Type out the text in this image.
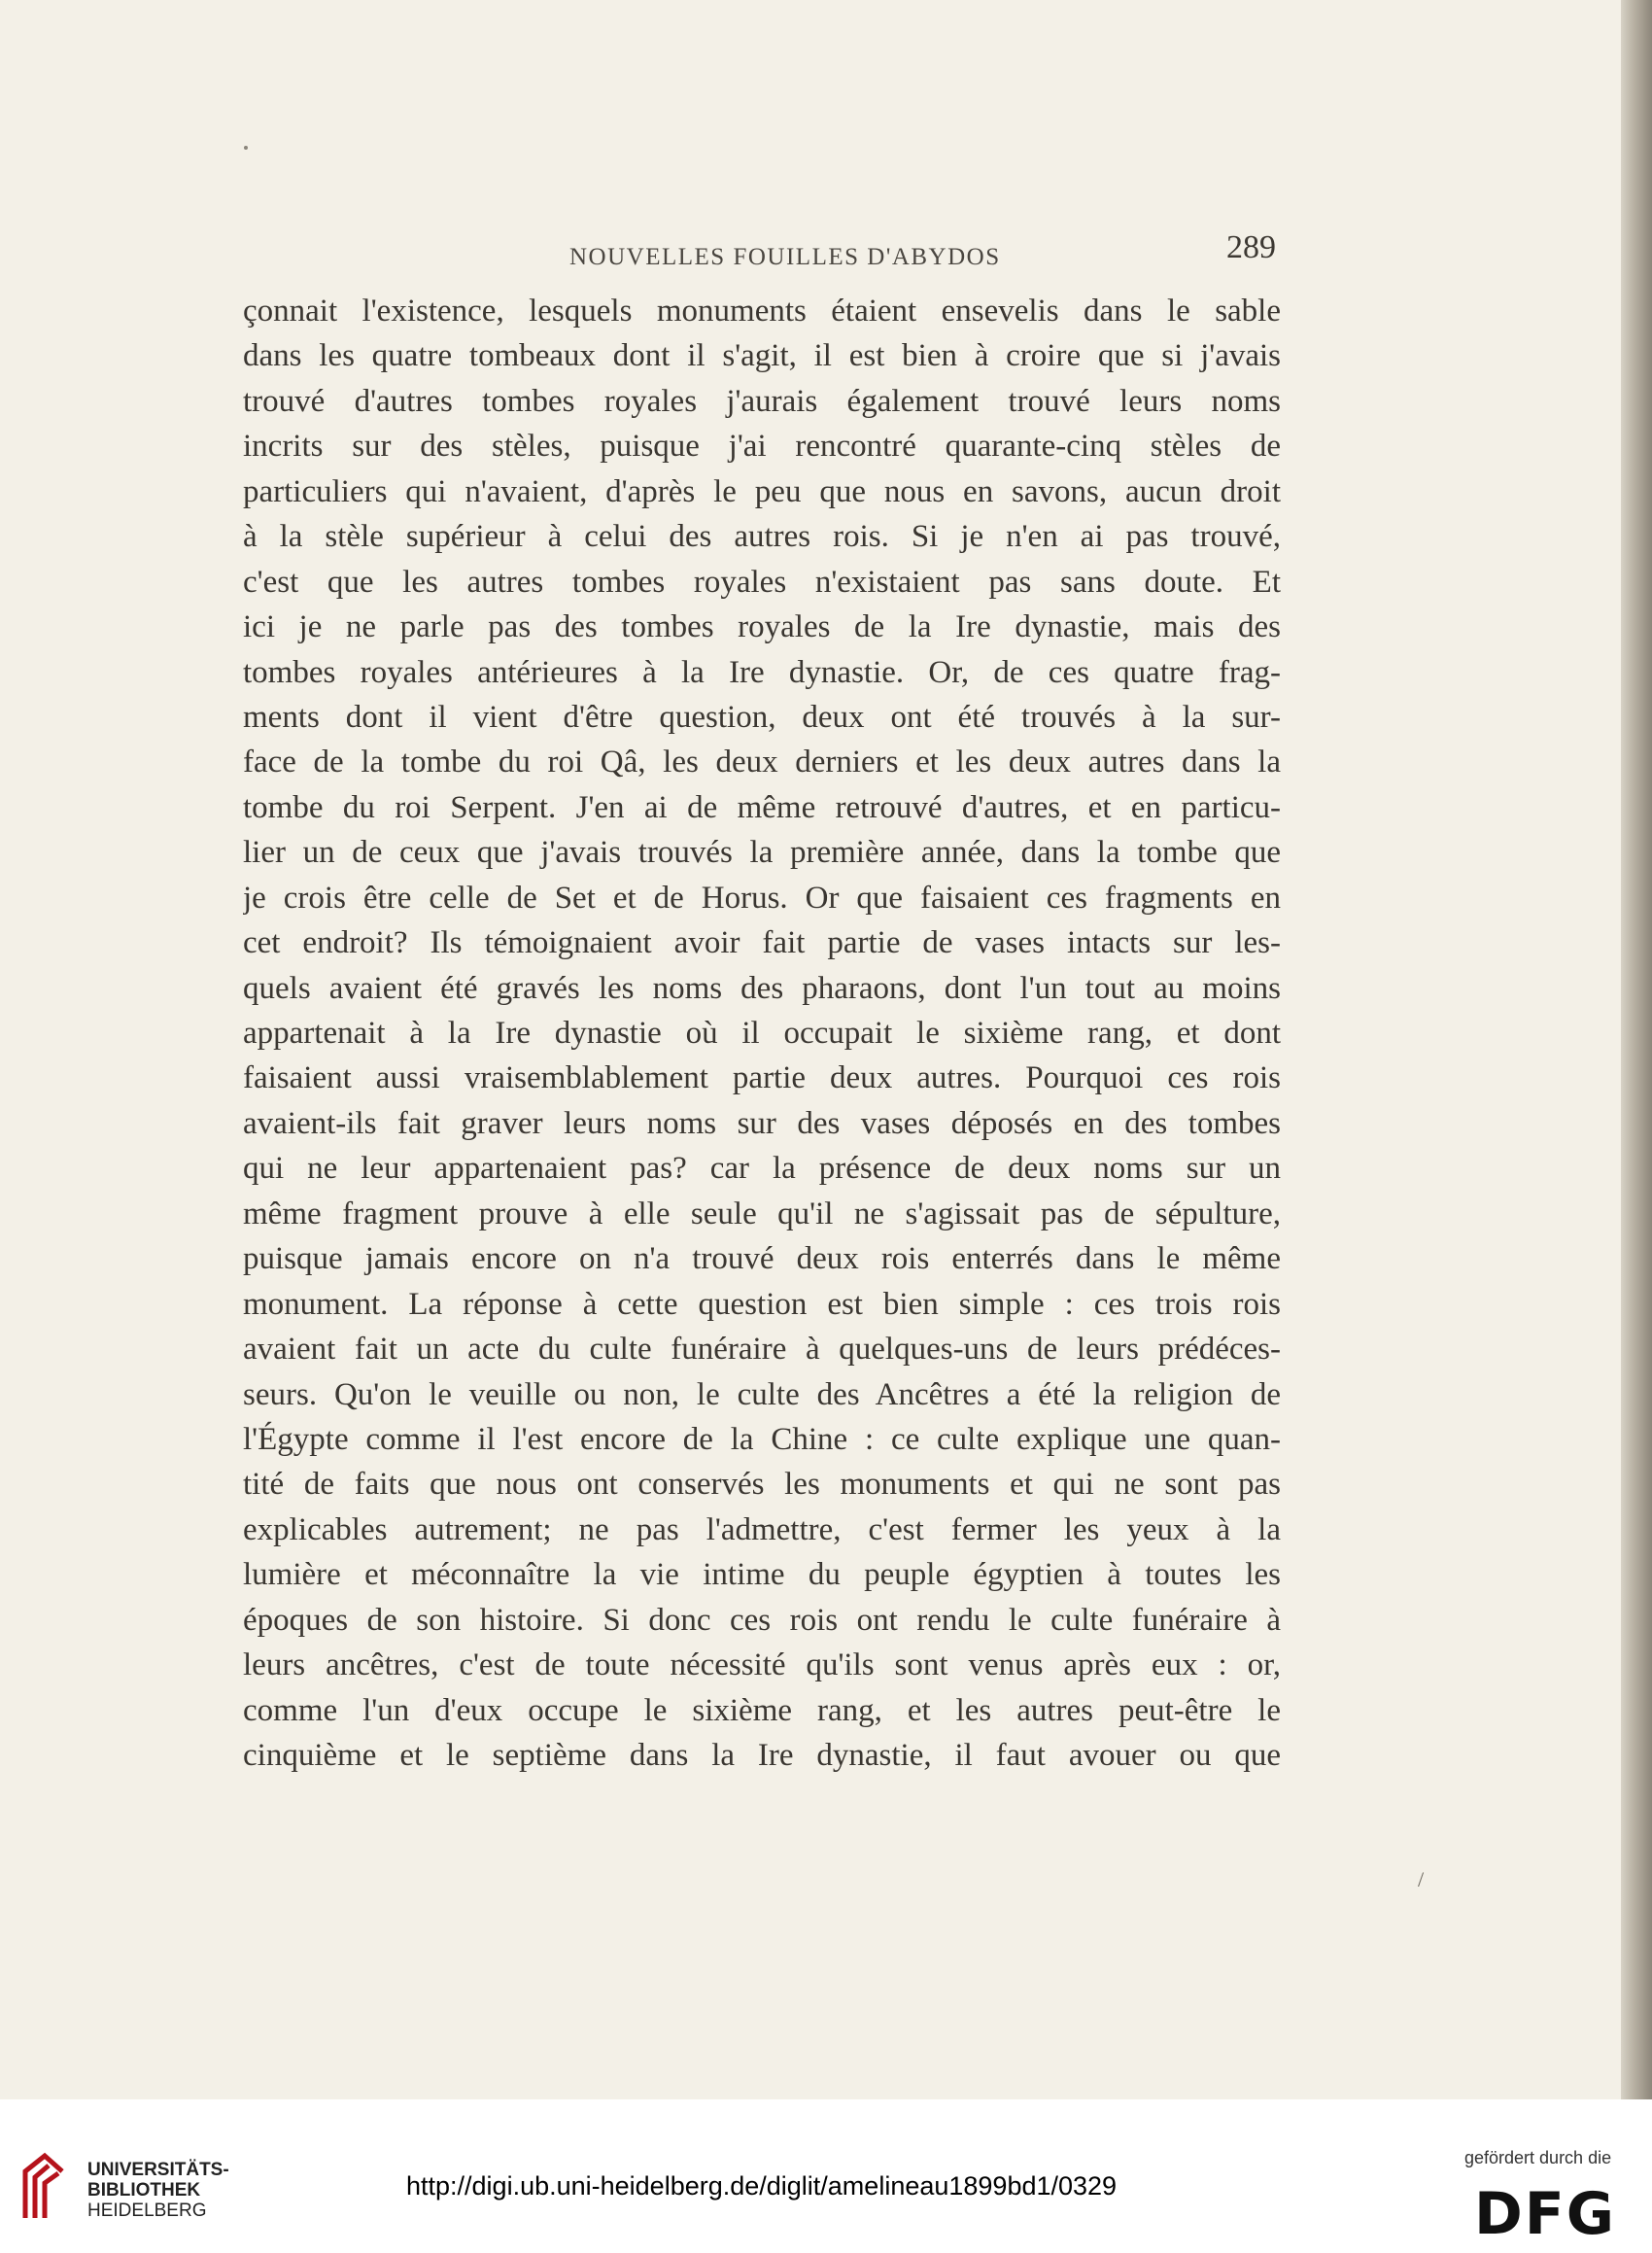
NOUVELLES FOUILLES D'ABYDOS	289
çonnait l'existence, lesquels monuments étaient ensevelis dans le sable
dans les quatre tombeaux dont il s'agit, il est bien à croire que si j'avais
trouvé d'autres tombes royales j'aurais également trouvé leurs noms
incrits sur des stèles, puisque j'ai rencontré quarante-cinq stèles de
particuliers qui n'avaient, d'après le peu que nous en savons, aucun droit
à la stèle supérieur à celui des autres rois. Si je n'en ai pas trouvé,
c'est que les autres tombes royales n'existaient pas sans doute. Et
ici je ne parle pas des tombes royales de la Ire dynastie, mais des
tombes royales antérieures à la Ire dynastie. Or, de ces quatre frag-
ments dont il vient d'être question, deux ont été trouvés à la sur-
face de la tombe du roi Qâ, les deux derniers et les deux autres dans la
tombe du roi Serpent. J'en ai de même retrouvé d'autres, et en particu-
lier un de ceux que j'avais trouvés la première année, dans la tombe que
je crois être celle de Set et de Horus. Or que faisaient ces fragments en
cet endroit? Ils témoignaient avoir fait partie de vases intacts sur les-
quels avaient été gravés les noms des pharaons, dont l'un tout au moins
appartenait à la Ire dynastie où il occupait le sixième rang, et dont
faisaient aussi vraisemblablement partie deux autres. Pourquoi ces rois
avaient-ils fait graver leurs noms sur des vases déposés en des tombes
qui ne leur appartenaient pas? car la présence de deux noms sur un
même fragment prouve à elle seule qu'il ne s'agissait pas de sépulture,
puisque jamais encore on n'a trouvé deux rois enterrés dans le même
monument. La réponse à cette question est bien simple : ces trois rois
avaient fait un acte du culte funéraire à quelques-uns de leurs prédéces-
seurs. Qu'on le veuille ou non, le culte des Ancêtres a été la religion de
l'Égypte comme il l'est encore de la Chine : ce culte explique une quan-
tité de faits que nous ont conservés les monuments et qui ne sont pas
explicables autrement; ne pas l'admettre, c'est fermer les yeux à la
lumière et méconnaître la vie intime du peuple égyptien à toutes les
époques de son histoire. Si donc ces rois ont rendu le culte funéraire à
leurs ancêtres, c'est de toute nécessité qu'ils sont venus après eux : or,
comme l'un d'eux occupe le sixième rang, et les autres peut-être le
cinquième et le septième dans la Ire dynastie, il faut avouer ou que
/
UNIVERSITÄTS-
BIBLIOTHEK
HEIDELBERG
http://digi.ub.uni-heidelberg.de/diglit/amelineau1899bd1/0329
gefördert durch die
DFG
